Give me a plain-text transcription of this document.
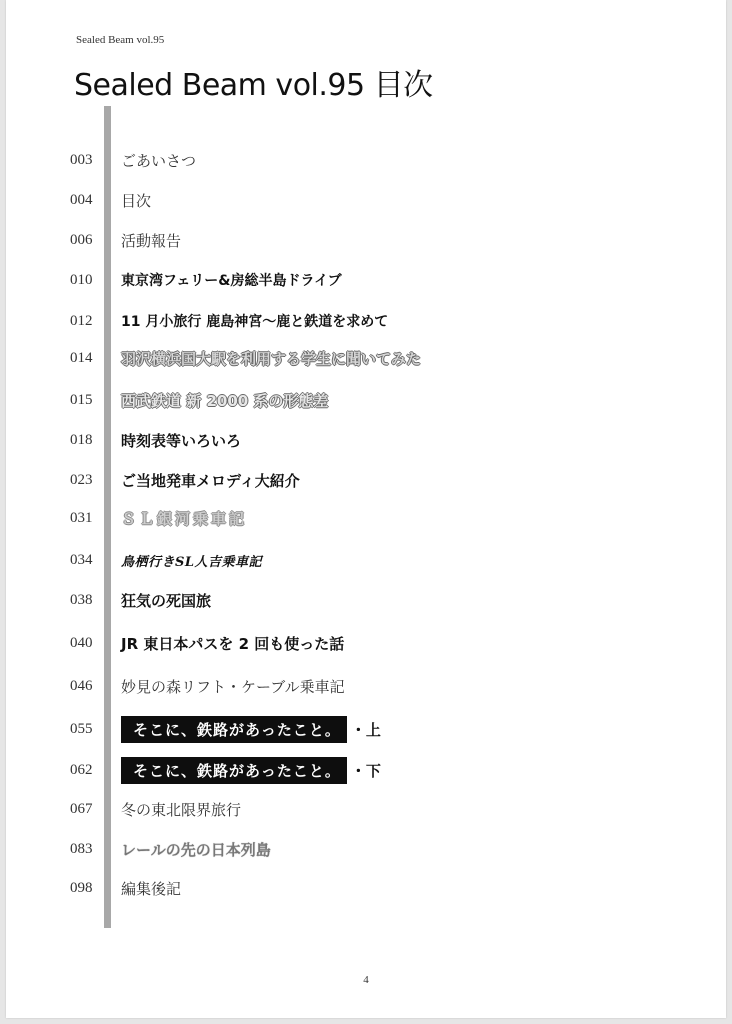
Sealed Beam vol.95
Sealed Beam vol.95 目次
003	ごあいさつ
004	目次
006	活動報告
010	東京湾フェリー&房総半島ドライブ
012	11 月小旅行 鹿島神宮〜鹿と鉄道を求めて
014	羽沢横浜国大駅を利用する学生に聞いてみた
015	西武鉄道 新 2000 系の形態差
018	時刻表等いろいろ
023	ご当地発車メロディ大紹介
031	ＳＬ銀河乗車記
034	鳥栖行きSL人吉乗車記
038	狂気の死国旅
040	JR 東日本パスを 2 回も使った話
046	妙見の森リフト・ケーブル乗車記
055	そこに、鉄路があったこと。 ・上
062	そこに、鉄路があったこと。 ・下
067	冬の東北限界旅行
083	レールの先の日本列島
098	編集後記
4
